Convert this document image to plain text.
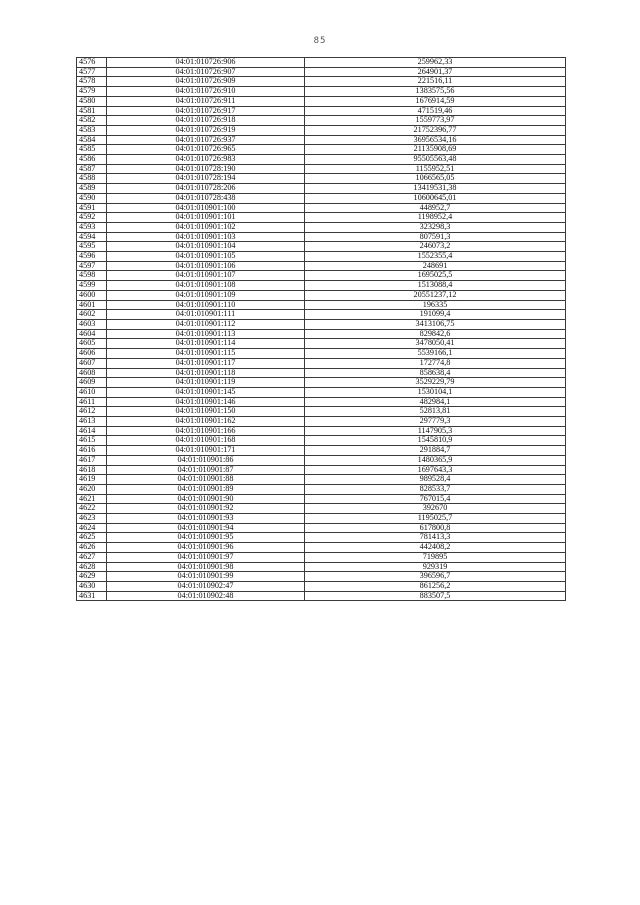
85
4576	04:01:010726:906	259962,33
4577	04:01:010726:907	264901,37
4578	04:01:010726:909	221516,11
4579	04:01:010726:910	1383575,56
4580	04:01:010726:911	1676914,59
4581	04:01:010726:917	471519,46
4582	04:01:010726:918	1559773,97
4583	04:01:010726:919	21752396,77
4584	04:01:010726:937	36956534,16
4585	04:01:010726:965	21135908,69
4586	04:01:010726:983	95505563,48
4587	04:01:010728:190	1155952,51
4588	04:01:010728:194	1066565,05
4589	04:01:010728:206	13419531,38
4590	04:01:010728:438	10600645,01
4591	04:01:010901:100	448952,7
4592	04:01:010901:101	1198952,4
4593	04:01:010901:102	323298,3
4594	04:01:010901:103	807591,3
4595	04:01:010901:104	246073,2
4596	04:01:010901:105	1552355,4
4597	04:01:010901:106	248691
4598	04:01:010901:107	1695025,5
4599	04:01:010901:108	1513088,4
4600	04:01:010901:109	20551237,12
4601	04:01:010901:110	196335
4602	04:01:010901:111	191099,4
4603	04:01:010901:112	3413106,75
4604	04:01:010901:113	829842,6
4605	04:01:010901:114	3478050,41
4606	04:01:010901:115	5539166,1
4607	04:01:010901:117	172774,8
4608	04:01:010901:118	858638,4
4609	04:01:010901:119	3529229,79
4610	04:01:010901:145	1530104,1
4611	04:01:010901:146	482984,1
4612	04:01:010901:150	52813,81
4613	04:01:010901:162	297779,3
4614	04:01:010901:166	1147905,3
4615	04:01:010901:168	1545810,9
4616	04:01:010901:171	291884,7
4617	04:01:010901:86	1480365,9
4618	04:01:010901:87	1697643,3
4619	04:01:010901:88	989528,4
4620	04:01:010901:89	828533,7
4621	04:01:010901:90	767015,4
4622	04:01:010901:92	392670
4623	04:01:010901:93	1195025,7
4624	04:01:010901:94	617800,8
4625	04:01:010901:95	781413,3
4626	04:01:010901:96	442408,2
4627	04:01:010901:97	719895
4628	04:01:010901:98	929319
4629	04:01:010901:99	396596,7
4630	04:01:010902:47	861256,2
4631	04:01:010902:48	883507,5
